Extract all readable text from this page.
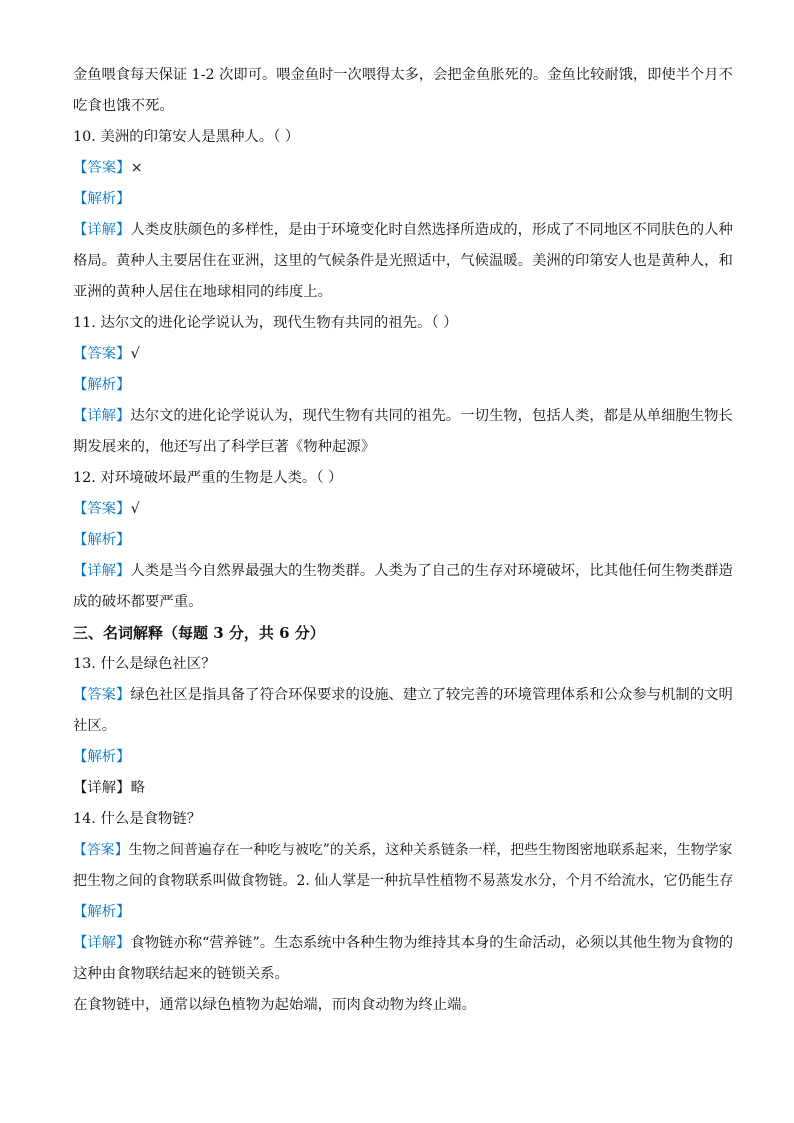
金鱼喂食每天保证 1-2 次即可。喂金鱼时一次喂得太多，会把金鱼胀死的。金鱼比较耐饿，即使半个月不
吃食也饿不死。
10. 美洲的印第安人是黑种人。（ ）
【答案】×
【解析】
【详解】人类皮肤颜色的多样性，是由于环境变化时自然选择所造成的，形成了不同地区不同肤色的人种
格局。黄种人主要居住在亚洲，这里的气候条件是光照适中，气候温暖。美洲的印第安人也是黄种人，和
亚洲的黄种人居住在地球相同的纬度上。
11. 达尔文的进化论学说认为，现代生物有共同的祖先。（ ）
【答案】√
【解析】
【详解】达尔文的进化论学说认为，现代生物有共同的祖先。一切生物，包括人类，都是从单细胞生物长
期发展来的，他还写出了科学巨著《物种起源》
12. 对环境破坏最严重的生物是人类。（ ）
【答案】√
【解析】
【详解】人类是当今自然界最强大的生物类群。人类为了自己的生存对环境破坏，比其他任何生物类群造
成的破坏都要严重。
三、名词解释（每题 3 分，共 6 分）
13. 什么是绿色社区？
【答案】绿色社区是指具备了符合环保要求的设施、建立了较完善的环境管理体系和公众参与机制的文明
社区。
【解析】
【详解】略
14. 什么是食物链？
【答案】生物之间普遍存在一种吃与被吃”的关系，这种关系链条一样，把些生物图密地联系起来，生物学家
把生物之间的食物联系叫做食物链。2. 仙人掌是一种抗旱性植物不易蒸发水分，个月不给流水，它仍能生存
【解析】
【详解】食物链亦称“营养链”。生态系统中各种生物为维持其本身的生命活动，必须以其他生物为食物的
这种由食物联结起来的链锁关系。
在食物链中，通常以绿色植物为起始端，而肉食动物为终止端。
